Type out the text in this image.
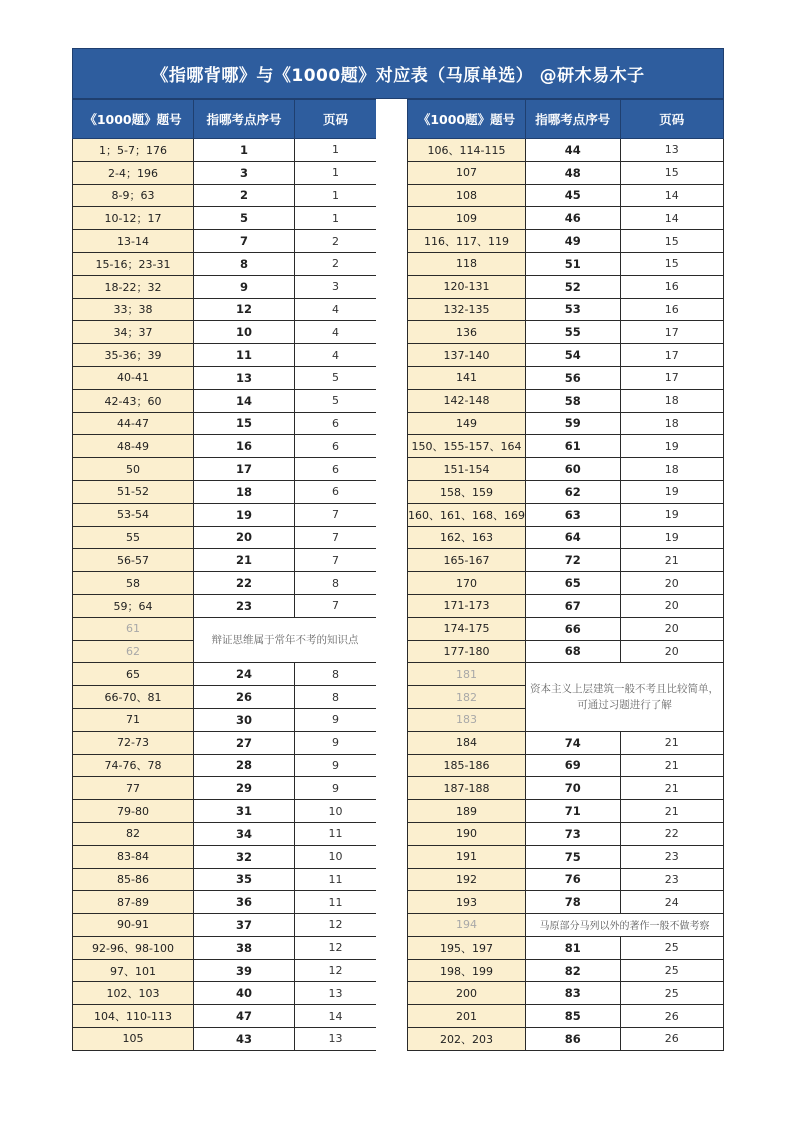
《指哪背哪》与《1000题》对应表（马原单选） @研木易木子
《1000题》题号	指哪考点序号	页码
1；5-7；176	1	1
2-4；196	3	1
8-9；63	2	1
10-12；17	5	1
13-14	7	2
15-16；23-31	8	2
18-22；32	9	3
33；38	12	4
34；37	10	4
35-36；39	11	4
40-41	13	5
42-43；60	14	5
44-47	15	6
48-49	16	6
50	17	6
51-52	18	6
53-54	19	7
55	20	7
56-57	21	7
58	22	8
59；64	23	7
61	辩证思维属于常年不考的知识点	
62		
65	24	8
66-70、81	26	8
71	30	9
72-73	27	9
74-76、78	28	9
77	29	9
79-80	31	10
82	34	11
83-84	32	10
85-86	35	11
87-89	36	11
90-91	37	12
92-96、98-100	38	12
97、101	39	12
102、103	40	13
104、110-113	47	14
105	43	13
《1000题》题号	指哪考点序号	页码
106、114-115	44	13
107	48	15
108	45	14
109	46	14
116、117、119	49	15
118	51	15
120-131	52	16
132-135	53	16
136	55	17
137-140	54	17
141	56	17
142-148	58	18
149	59	18
150、155-157、164	61	19
151-154	60	18
158、159	62	19
160、161、168、169	63	19
162、163	64	19
165-167	72	21
170	65	20
171-173	67	20
174-175	66	20
177-180	68	20
181	资本主义上层建筑一般不考且比较简单，可通过习题进行了解	
182		
183		
184	74	21
185-186	69	21
187-188	70	21
189	71	21
190	73	22
191	75	23
192	76	23
193	78	24
194	马原部分马列以外的著作一般不做考察	
195、197	81	25
198、199	82	25
200	83	25
201	85	26
202、203	86	26
